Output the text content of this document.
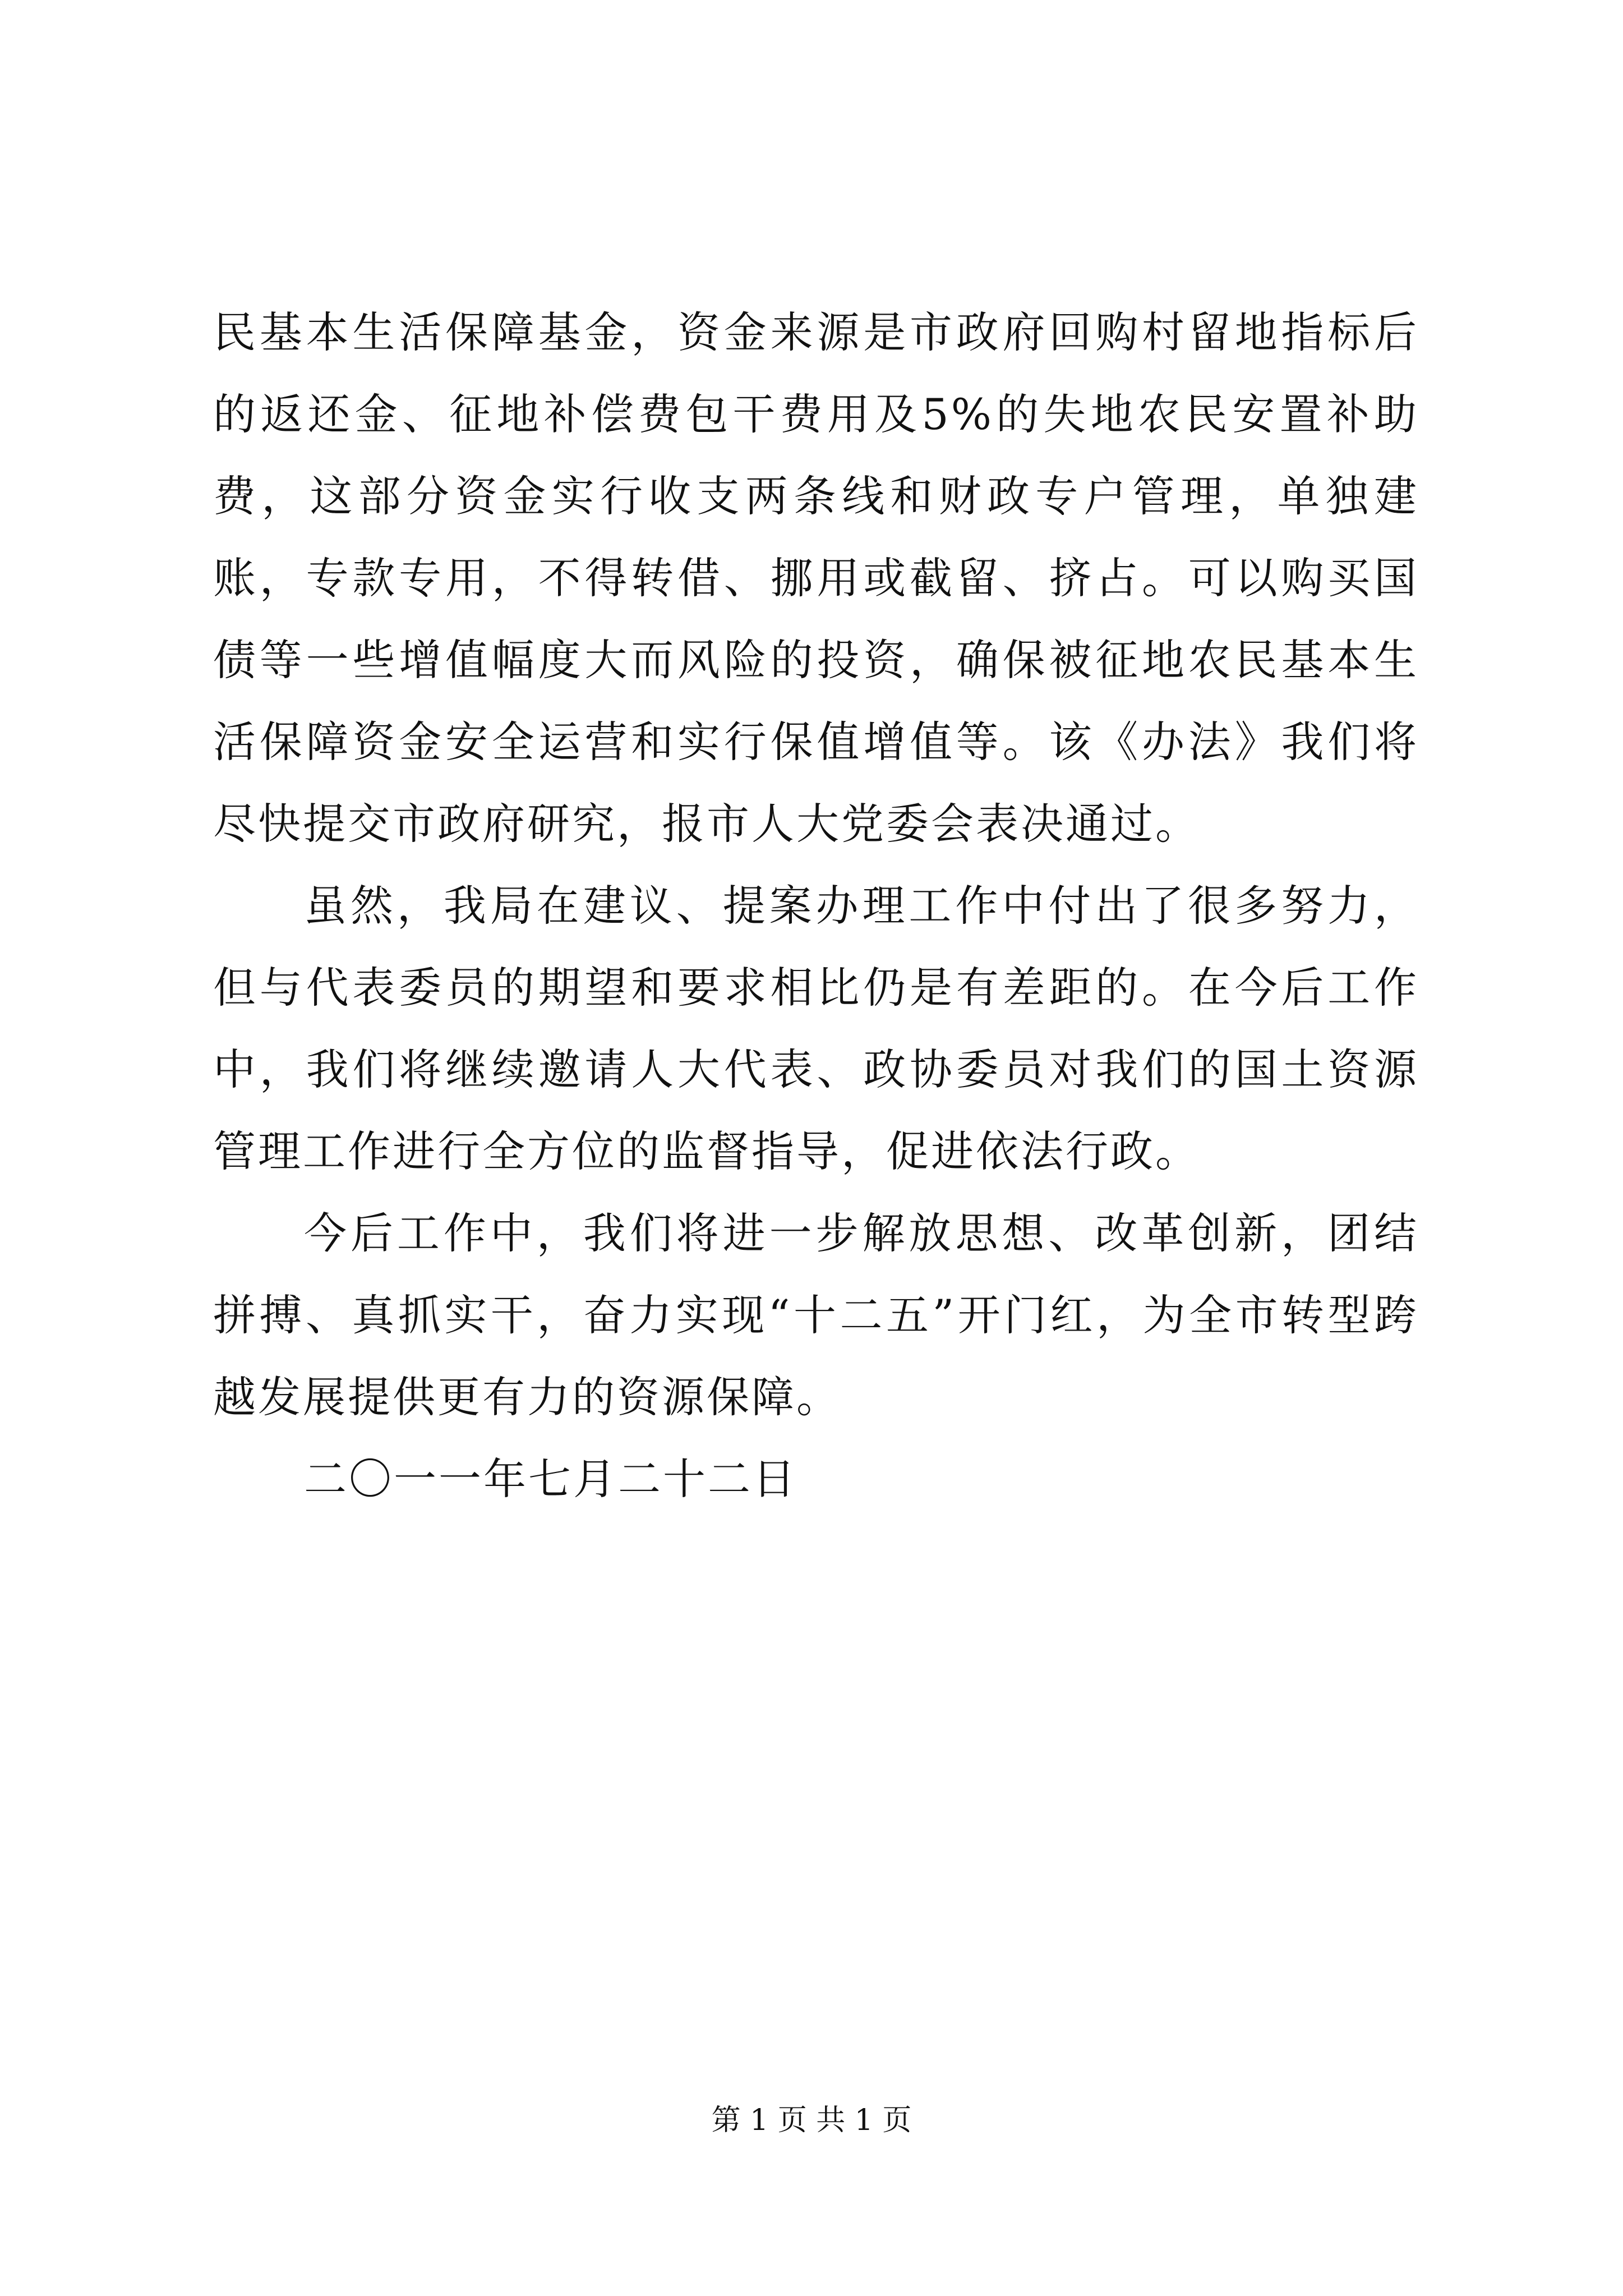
民基本生活保障基金，资金来源是市政府回购村留地指标后的返还金、征地补偿费包干费用及5%的失地农民安置补助费，这部分资金实行收支两条线和财政专户管理，单独建账，专款专用，不得转借、挪用或截留、挤占。可以购买国债等一些增值幅度大而风险的投资，确保被征地农民基本生活保障资金安全运营和实行保值增值等。该《办法》我们将尽快提交市政府研究，报市人大党委会表决通过。

虽然，我局在建议、提案办理工作中付出了很多努力，但与代表委员的期望和要求相比仍是有差距的。在今后工作中，我们将继续邀请人大代表、政协委员对我们的国土资源管理工作进行全方位的监督指导，促进依法行政。

今后工作中，我们将进一步解放思想、改革创新，团结拼搏、真抓实干，奋力实现“十二五”开门红，为全市转型跨越发展提供更有力的资源保障。

二〇一一年七月二十二日

第 1 页 共 1 页
